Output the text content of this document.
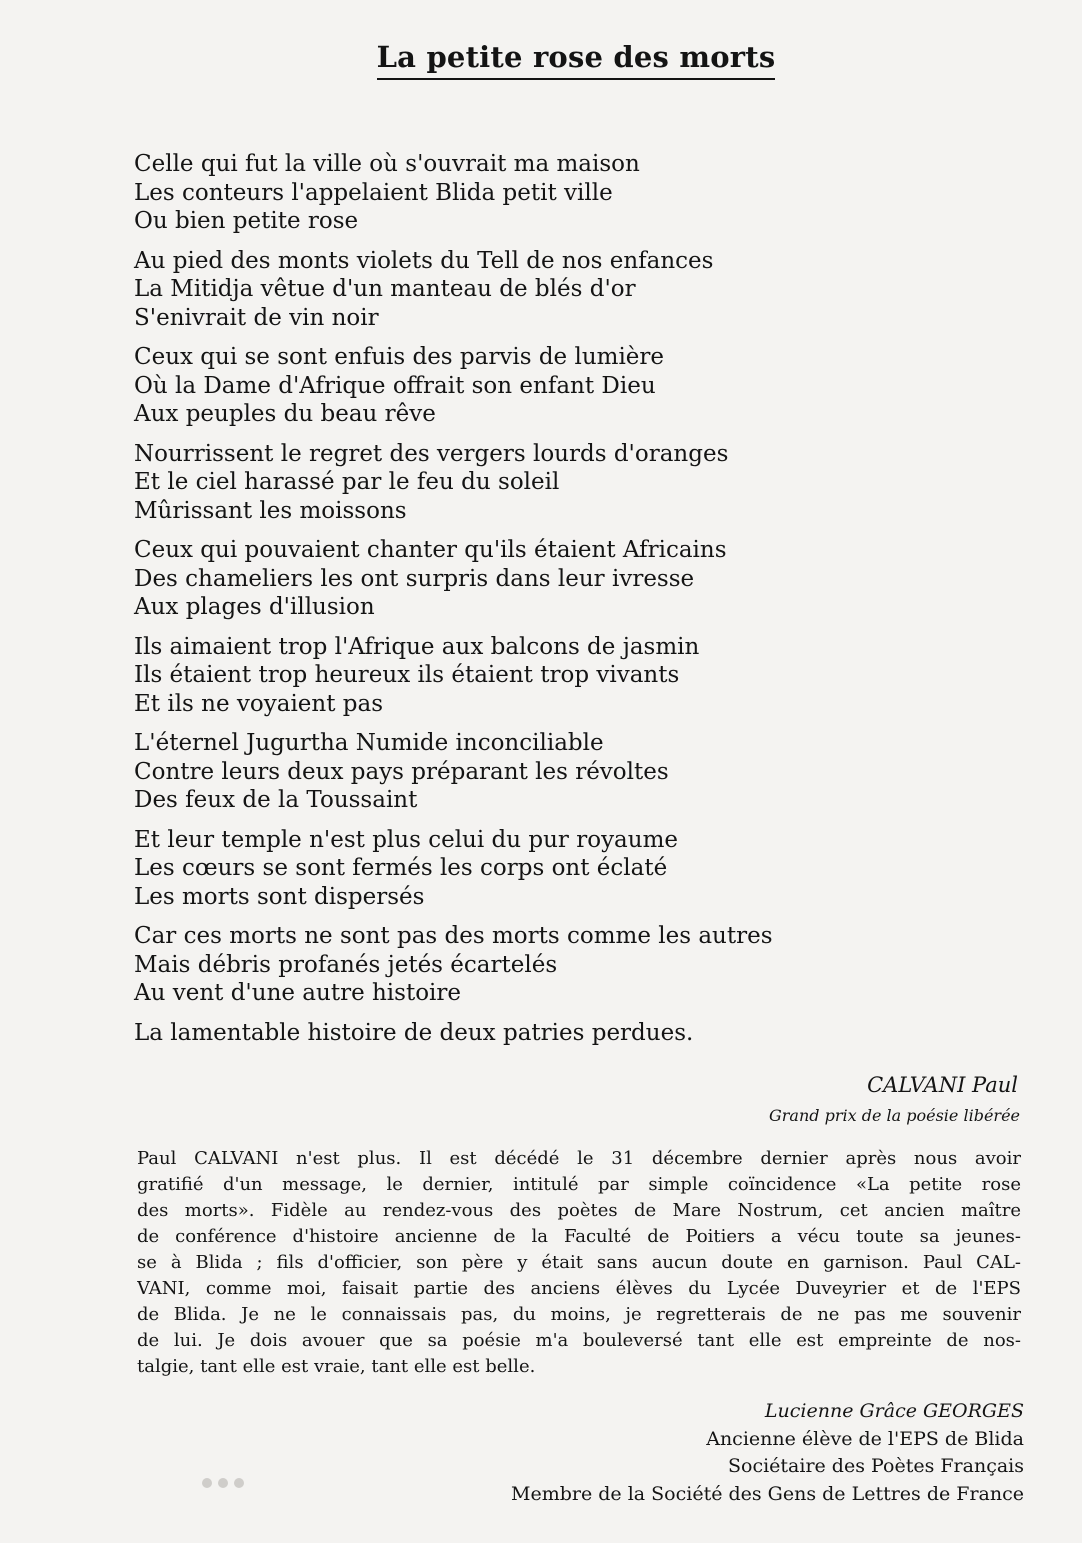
La petite rose des morts
Celle qui fut la ville où s'ouvrait ma maison
Les conteurs l'appelaient Blida petit ville
Ou bien petite rose
Au pied des monts violets du Tell de nos enfances
La Mitidja vêtue d'un manteau de blés d'or
S'enivrait de vin noir
Ceux qui se sont enfuis des parvis de lumière
Où la Dame d'Afrique offrait son enfant Dieu
Aux peuples du beau rêve
Nourrissent le regret des vergers lourds d'oranges
Et le ciel harassé par le feu du soleil
Mûrissant les moissons
Ceux qui pouvaient chanter qu'ils étaient Africains
Des chameliers les ont surpris dans leur ivresse
Aux plages d'illusion
Ils aimaient trop l'Afrique aux balcons de jasmin
Ils étaient trop heureux ils étaient trop vivants
Et ils ne voyaient pas
L'éternel Jugurtha Numide inconciliable
Contre leurs deux pays préparant les révoltes
Des feux de la Toussaint
Et leur temple n'est plus celui du pur royaume
Les cœurs se sont fermés les corps ont éclaté
Les morts sont dispersés
Car ces morts ne sont pas des morts comme les autres
Mais débris profanés jetés écartelés
Au vent d'une autre histoire
La lamentable histoire de deux patries perdues.
CALVANI Paul
Grand prix de la poésie libérée
Paul CALVANI n'est plus. Il est décédé le 31 décembre dernier après nous avoir
gratifié d'un message, le dernier, intitulé par simple coïncidence «La petite rose
des morts». Fidèle au rendez-vous des poètes de Mare Nostrum, cet ancien maître
de conférence d'histoire ancienne de la Faculté de Poitiers a vécu toute sa jeunes-
se à Blida ; fils d'officier, son père y était sans aucun doute en garnison. Paul CAL-
VANI, comme moi, faisait partie des anciens élèves du Lycée Duveyrier et de l'EPS
de Blida. Je ne le connaissais pas, du moins, je regretterais de ne pas me souvenir
de lui. Je dois avouer que sa poésie m'a bouleversé tant elle est empreinte de nos-
talgie, tant elle est vraie, tant elle est belle.
Lucienne Grâce GEORGES
Ancienne élève de l'EPS de Blida
Sociétaire des Poètes Français
Membre de la Société des Gens de Lettres de France
